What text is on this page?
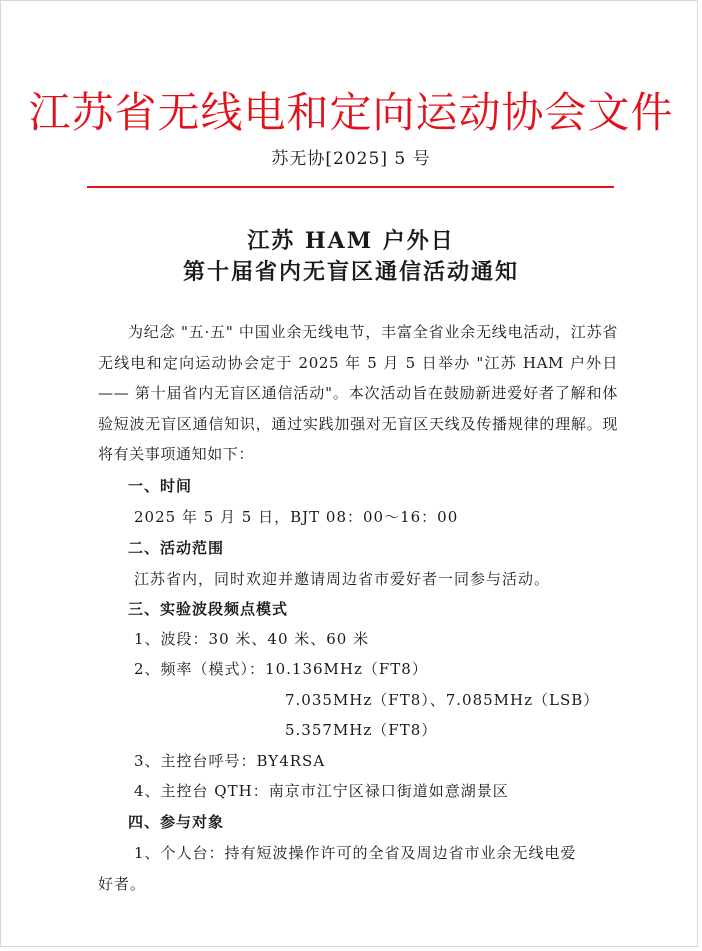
江苏省无线电和定向运动协会文件
苏无协[2025] 5 号
江苏 HAM 户外日
第十届省内无盲区通信活动通知
为纪念 "五·五" 中国业余无线电节，丰富全省业余无线电活动，江苏省无线电和定向运动协会定于 2025 年 5 月 5 日举办 "江苏 HAM 户外日 —— 第十届省内无盲区通信活动"。本次活动旨在鼓励新进爱好者了解和体验短波无盲区通信知识，通过实践加强对无盲区天线及传播规律的理解。现将有关事项通知如下：
一、时间
2025 年 5 月 5 日，BJT 08：00～16：00
二、活动范围
江苏省内，同时欢迎并邀请周边省市爱好者一同参与活动。
三、实验波段频点模式
1、波段：30 米、40 米、60 米
2、频率（模式）：10.136MHz（FT8）
7.035MHz（FT8）、7.085MHz（LSB）
5.357MHz（FT8）
3、主控台呼号：BY4RSA
4、主控台 QTH：南京市江宁区禄口街道如意湖景区
四、参与对象
1、个人台：持有短波操作许可的全省及周边省市业余无线电爱
好者。
